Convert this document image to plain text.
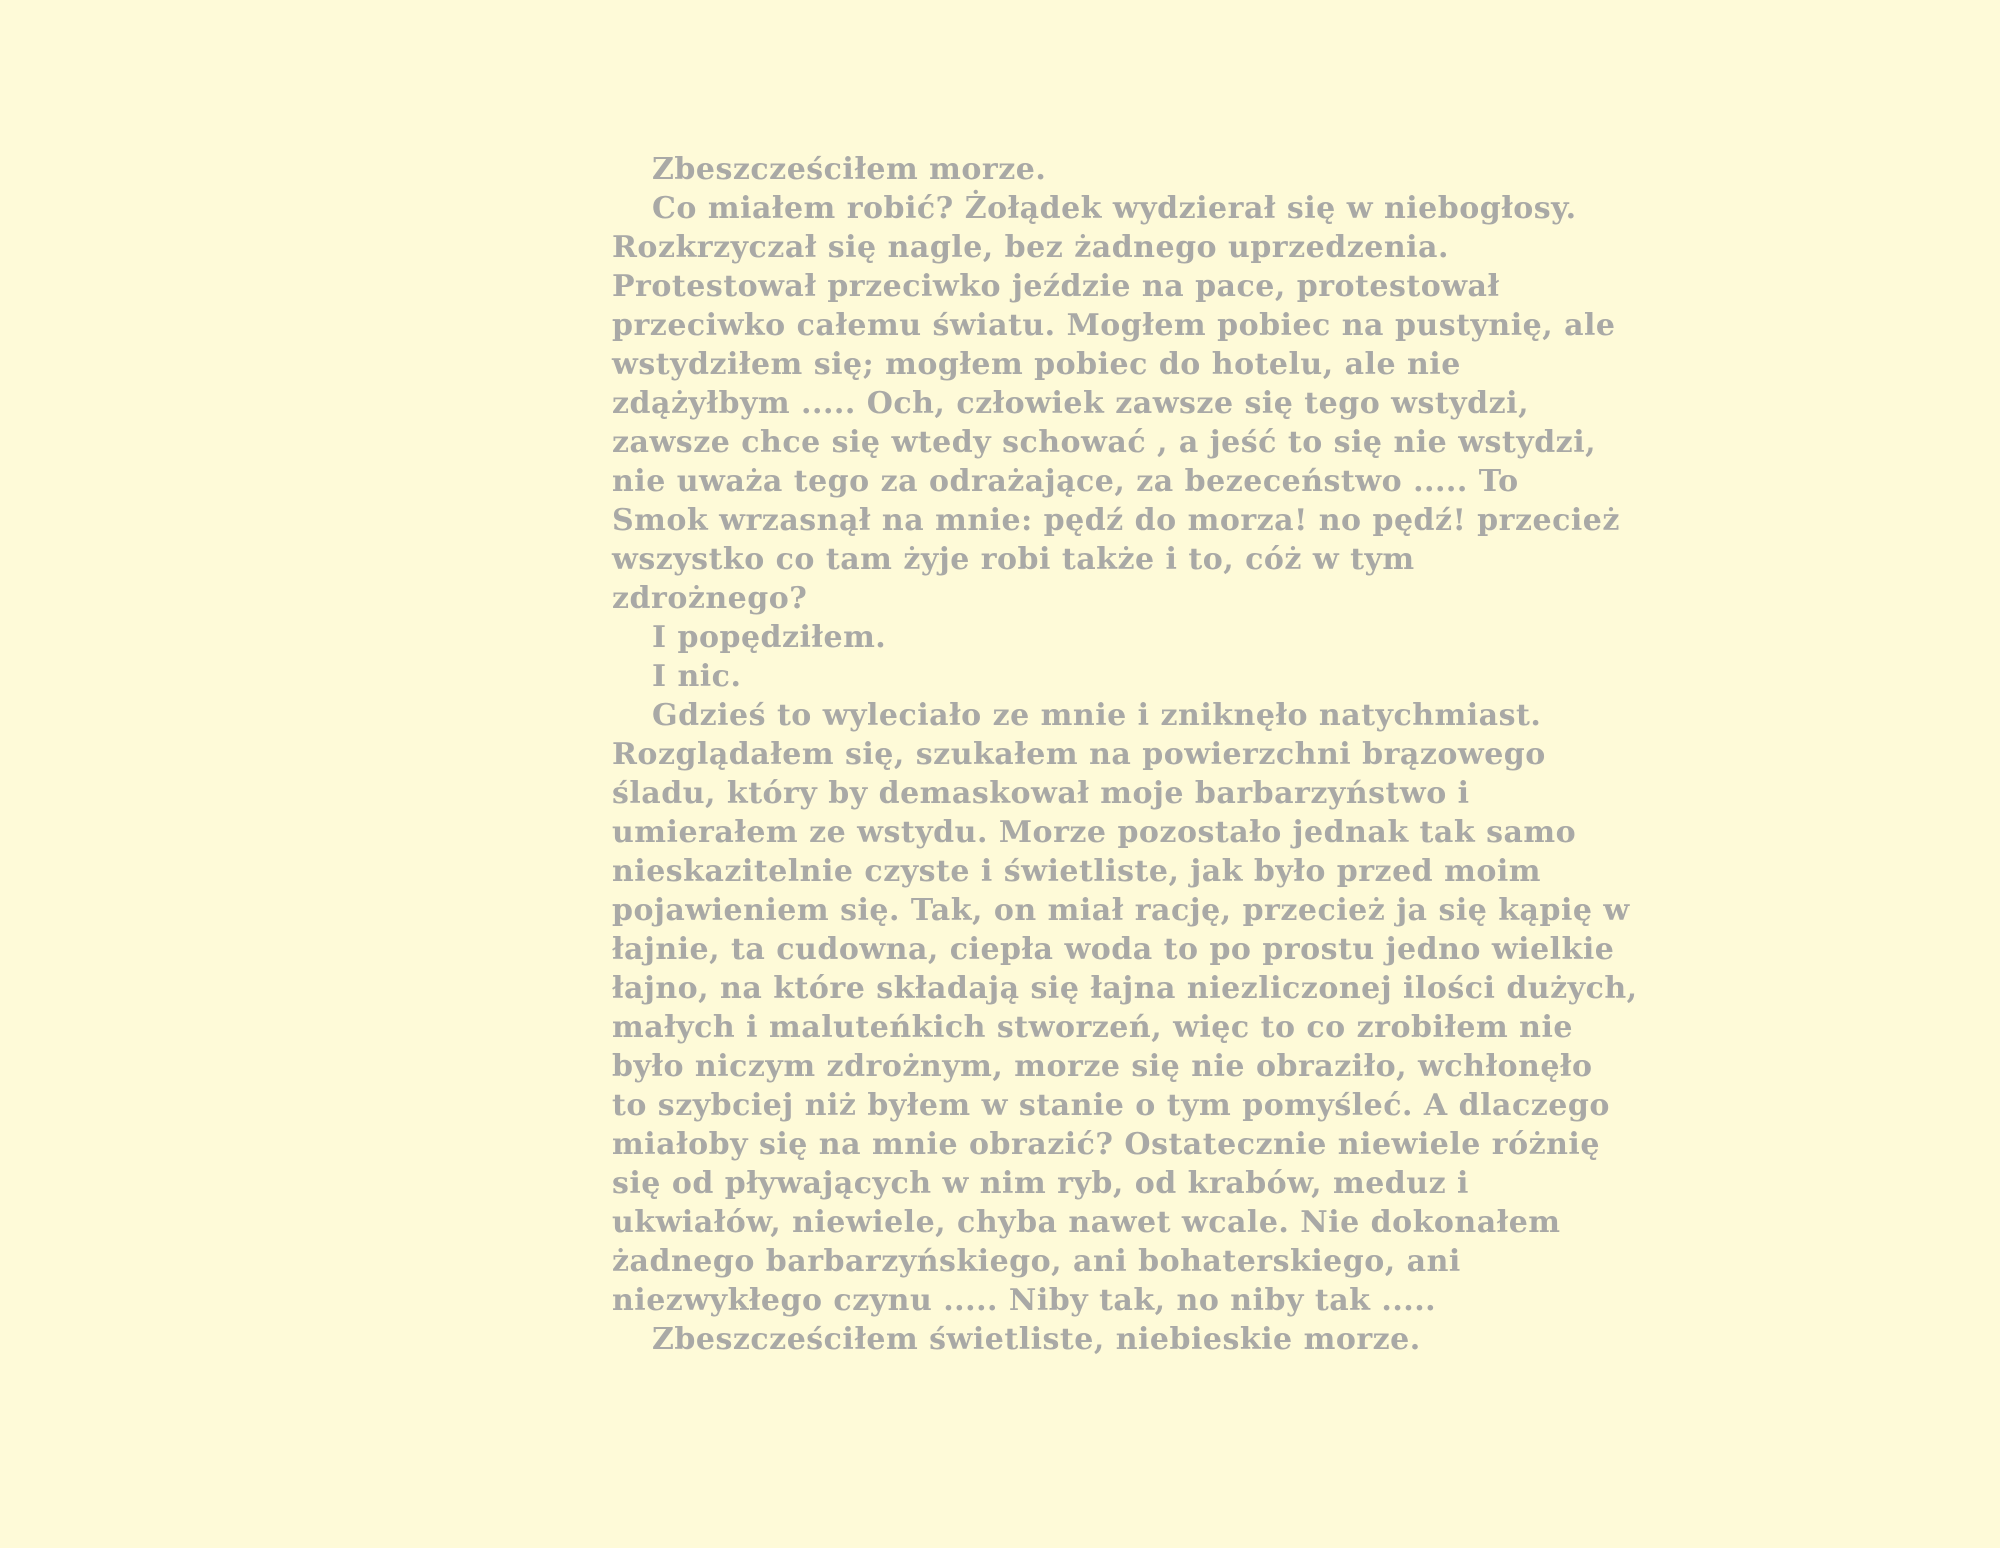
Zbeszcześciłem morze.
Co miałem robić? Żołądek wydzierał się w niebogłosy.
Rozkrzyczał się nagle, bez żadnego uprzedzenia.
Protestował przeciwko jeździe na pace, protestował
przeciwko całemu światu. Mogłem pobiec na pustynię, ale
wstydziłem się; mogłem pobiec do hotelu, ale nie
zdążyłbym ..... Och, człowiek zawsze się tego wstydzi,
zawsze chce się wtedy schować , a jeść to się nie wstydzi,
nie uważa tego za odrażające, za bezeceństwo ..... To
Smok wrzasnął na mnie: pędź do morza! no pędź! przecież
wszystko co tam żyje robi także i to, cóż w tym
zdrożnego?
I popędziłem.
I nic.
Gdzieś to wyleciało ze mnie i zniknęło natychmiast.
Rozglądałem się, szukałem na powierzchni brązowego
śladu, który by demaskował moje barbarzyństwo i
umierałem ze wstydu. Morze pozostało jednak tak samo
nieskazitelnie czyste i świetliste, jak było przed moim
pojawieniem się. Tak, on miał rację, przecież ja się kąpię w
łajnie, ta cudowna, ciepła woda to po prostu jedno wielkie
łajno, na które składają się łajna niezliczonej ilości dużych,
małych i maluteńkich stworzeń, więc to co zrobiłem nie
było niczym zdrożnym, morze się nie obraziło, wchłonęło
to szybciej niż byłem w stanie o tym pomyśleć. A dlaczego
miałoby się na mnie obrazić? Ostatecznie niewiele różnię
się od pływających w nim ryb, od krabów, meduz i
ukwiałów, niewiele, chyba nawet wcale. Nie dokonałem
żadnego barbarzyńskiego, ani bohaterskiego, ani
niezwykłego czynu ..... Niby tak, no niby tak .....
Zbeszcześciłem świetliste, niebieskie morze.
